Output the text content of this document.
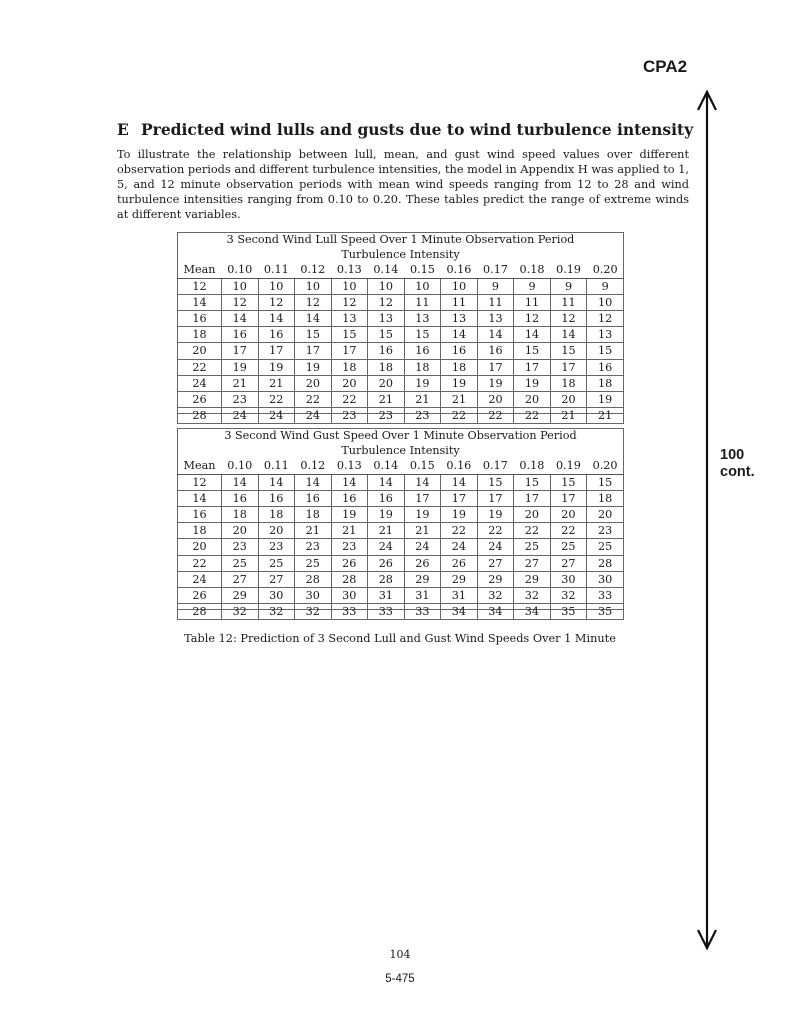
CPA2
E Predicted wind lulls and gusts due to wind turbulence intensity

To illustrate the relationship between lull, mean, and gust wind speed values over different observation periods and different turbulence intensities, the model in Appendix H was applied to 1, 5, and 12 minute observation periods with mean wind speeds ranging from 12 to 28 and wind turbulence intensities ranging from 0.10 to 0.20. These tables predict the range of extreme winds at different variables.

3 Second Wind Lull Speed Over 1 Minute Observation Period											
Turbulence Intensity											
Mean	0.10	0.11	0.12	0.13	0.14	0.15	0.16	0.17	0.18	0.19	0.20
12	10	10	10	10	10	10	10	9	9	9	9
14	12	12	12	12	12	11	11	11	11	11	10
16	14	14	14	13	13	13	13	13	12	12	12
18	16	16	15	15	15	15	14	14	14	14	13
20	17	17	17	17	16	16	16	16	15	15	15
22	19	19	19	18	18	18	18	17	17	17	16
24	21	21	20	20	20	19	19	19	19	18	18
26	23	22	22	22	21	21	21	20	20	20	19
28	24	24	24	23	23	23	22	22	22	21	21
3 Second Wind Gust Speed Over 1 Minute Observation Period											
Turbulence Intensity											
Mean	0.10	0.11	0.12	0.13	0.14	0.15	0.16	0.17	0.18	0.19	0.20
12	14	14	14	14	14	14	14	15	15	15	15
14	16	16	16	16	16	17	17	17	17	17	18
16	18	18	18	19	19	19	19	19	20	20	20
18	20	20	21	21	21	21	22	22	22	22	23
20	23	23	23	23	24	24	24	24	25	25	25
22	25	25	25	26	26	26	26	27	27	27	28
24	27	27	28	28	28	29	29	29	29	30	30
26	29	30	30	30	31	31	31	32	32	32	33
28	32	32	32	33	33	33	34	34	34	35	35
Table 12: Prediction of 3 Second Lull and Gust Wind Speeds Over 1 Minute
100
cont.
104
5-475
